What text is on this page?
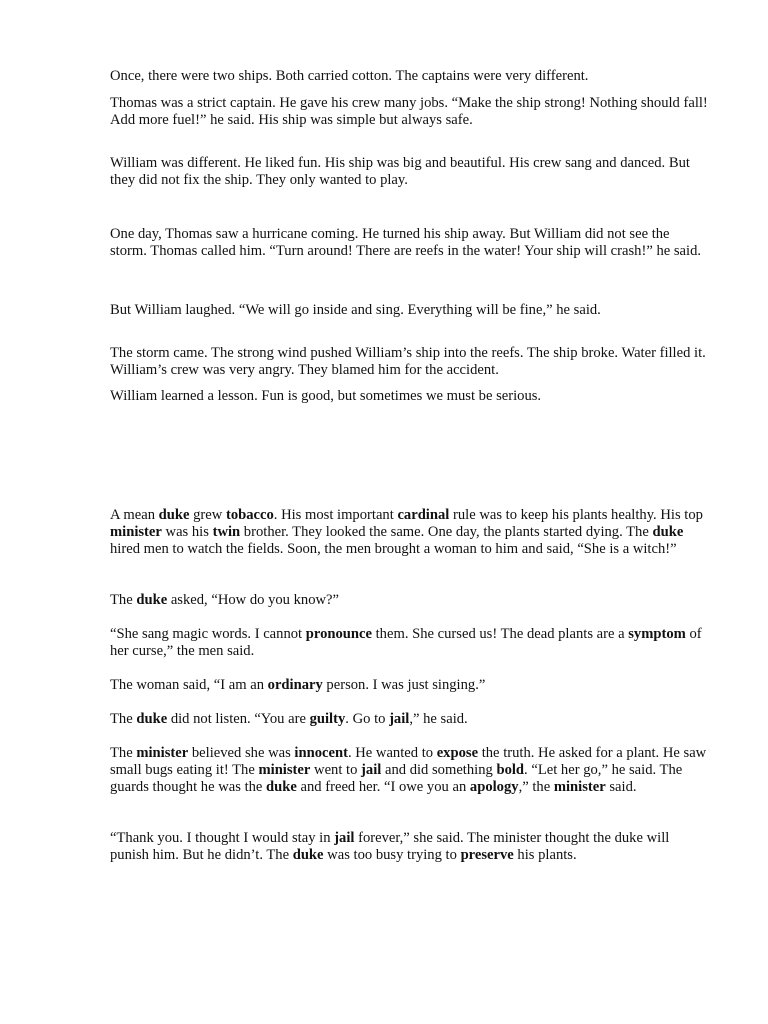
Once, there were two ships. Both carried cotton. The captains were very different.

Thomas was a strict captain. He gave his crew many jobs. “Make the ship strong! Nothing should fall! Add more fuel!” he said. His ship was simple but always safe.

William was different. He liked fun. His ship was big and beautiful. His crew sang and danced. But they did not fix the ship. They only wanted to play.

One day, Thomas saw a hurricane coming. He turned his ship away. But William did not see the storm. Thomas called him. “Turn around! There are reefs in the water! Your ship will crash!” he said.

But William laughed. “We will go inside and sing. Everything will be fine,” he said.

The storm came. The strong wind pushed William’s ship into the reefs. The ship broke. Water filled it. William’s crew was very angry. They blamed him for the accident.

William learned a lesson. Fun is good, but sometimes we must be serious.

A mean duke grew tobacco. His most important cardinal rule was to keep his plants healthy. His top minister was his twin brother. They looked the same. One day, the plants started dying. The duke hired men to watch the fields. Soon, the men brought a woman to him and said, “She is a witch!”

The duke asked, “How do you know?”

“She sang magic words. I cannot pronounce them. She cursed us! The dead plants are a symptom of her curse,” the men said.

The woman said, “I am an ordinary person. I was just singing.”

The duke did not listen. “You are guilty. Go to jail,” he said.

The minister believed she was innocent. He wanted to expose the truth. He asked for a plant. He saw small bugs eating it! The minister went to jail and did something bold. “Let her go,” he said. The guards thought he was the duke and freed her. “I owe you an apology,” the minister said.

“Thank you. I thought I would stay in jail forever,” she said. The minister thought the duke will punish him. But he didn’t. The duke was too busy trying to preserve his plants.
